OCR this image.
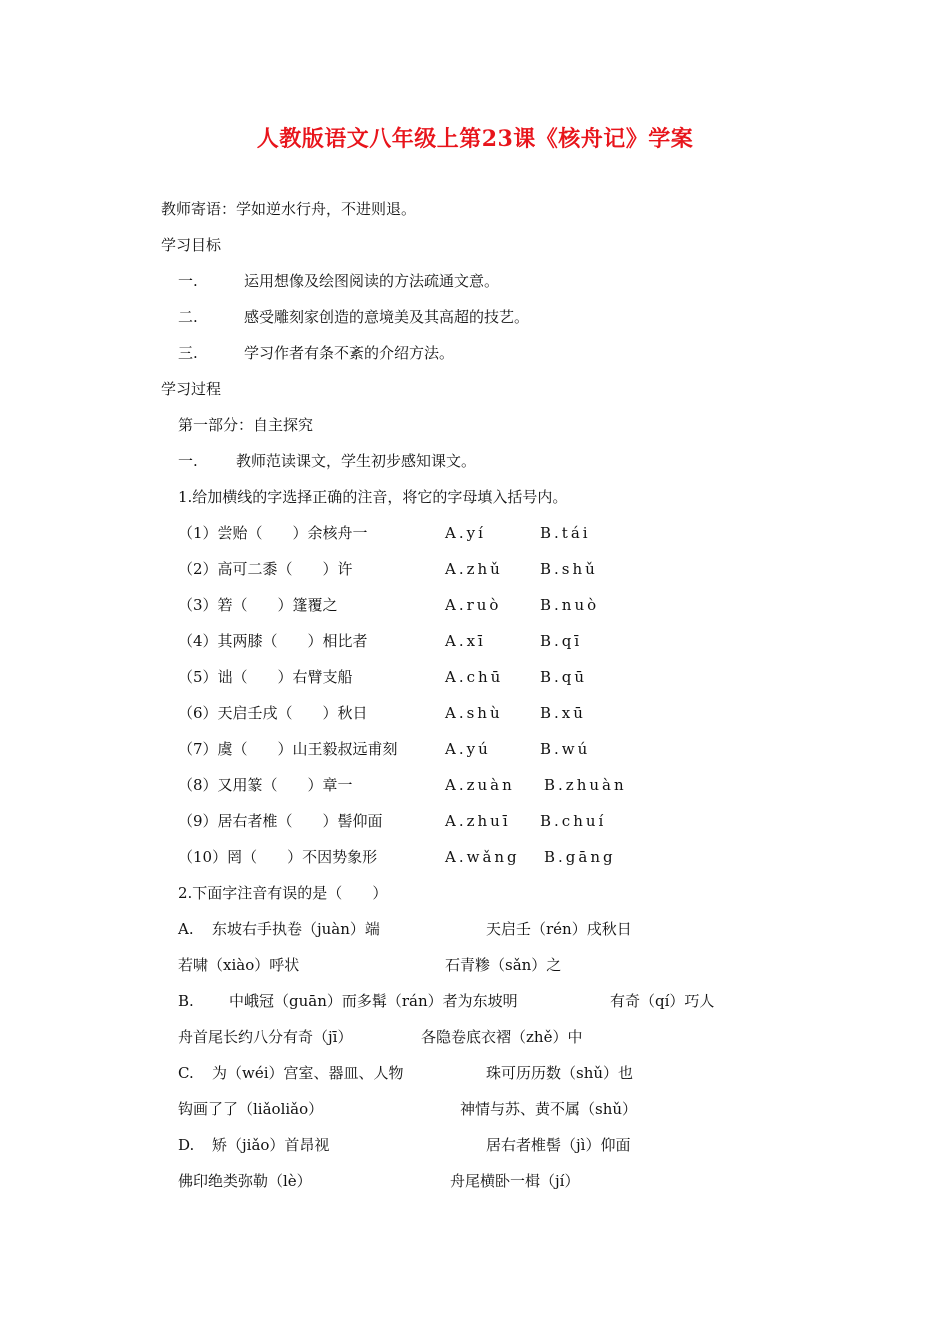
人教版语文八年级上第23课《核舟记》学案
教师寄语：学如逆水行舟，不进则退。
学习目标
一.	运用想像及绘图阅读的方法疏通文意。
二.	感受雕刻家创造的意境美及其高超的技艺。
三.	学习作者有条不紊的介绍方法。
学习过程
第一部分：自主探究
一.	教师范读课文，学生初步感知课文。
1.给加横线的字选择正确的注音，将它的字母填入括号内。
（1）尝贻（　　）余核舟一	A.yí	B.tái
（2）高可二黍（　　）许	A.zhǔ B.shǔ
（3）箬（　　）篷覆之	A.ruò	B.nuò
（4）其两膝（　　）相比者	A.xī	B.qī
（5）诎（　　）右臂支船	A.chū B.qū
（6）天启壬戌（　　）秋日	A.shù B.xū
（7）虞（　　）山王毅叔远甫刻	A.yú	B.wú
（8）又用篆（　　）章一	A.zuàn B.zhuàn
（9）居右者椎（　　）髻仰面	A.zhuī B.chuí
（10）罔（　　）不因势象形	A.wǎng B.gāng
2.下面字注音有误的是（　　）
A. 东坡右手执卷（juàn）端	天启壬（rén）戌秋日
若啸（xiào）呼状	石青糁（sǎn）之
B. 中峨冠（guān）而多髯（rán）者为东坡明	有奇（qí）巧人
舟首尾长约八分有奇（jī）	各隐卷底衣褶（zhě）中
C. 为（wéi）宫室、器皿、人物	珠可历历数（shǔ）也
钩画了了（liǎoliǎo）	神情与苏、黄不属（shǔ）
D. 矫（jiǎo）首昂视	居右者椎髻（jì）仰面
佛印绝类弥勒（lè）	舟尾横卧一楫（jí）
